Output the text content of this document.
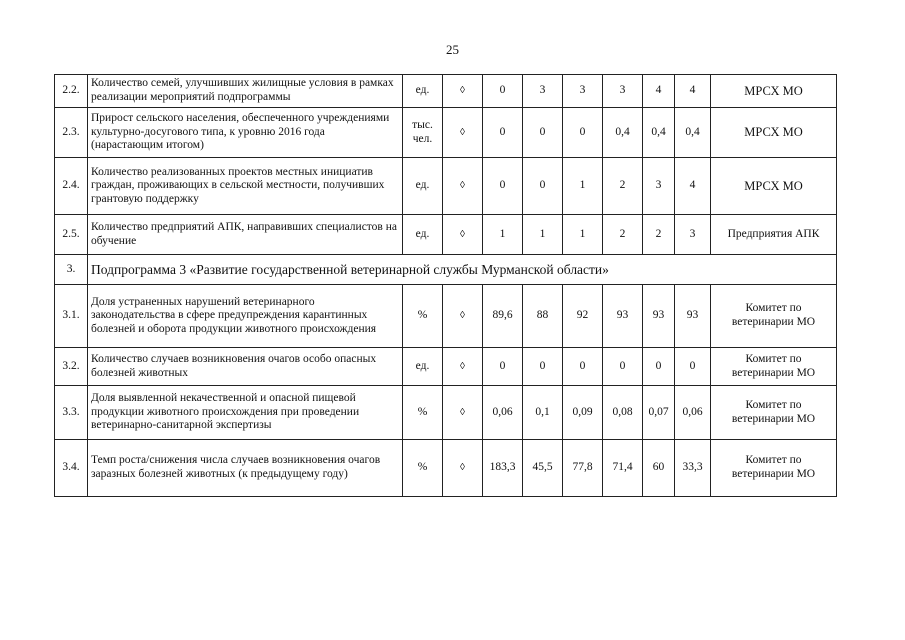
25
2.2.	Количество семей, улучшивших жилищные условия в рамках реализации мероприятий подпрограммы	ед.	◊	0	3	3	3	4	4	МРСХ МО
2.3.	Прирост сельского населения, обеспеченного учреждениями культурно-досугового типа, к уровню 2016 года (нарастающим итогом)	тыс. чел.	◊	0	0	0	0,4	0,4	0,4	МРСХ МО
2.4.	Количество реализованных проектов местных инициатив граждан, проживающих в сельской местности, получивших грантовую поддержку	ед.	◊	0	0	1	2	3	4	МРСХ МО
2.5.	Количество предприятий АПК, направивших специалистов на обучение	ед.	◊	1	1	1	2	2	3	Предприятия АПК
3.	Подпрограмма 3 «Развитие государственной ветеринарной службы Мурманской области»									
3.1.	Доля устраненных нарушений ветеринарного законодательства в сфере предупреждения карантинных болезней и оборота продукции животного происхождения	%	◊	89,6	88	92	93	93	93	Комитет по ветеринарии МО
3.2.	Количество случаев возникновения очагов особо опасных болезней животных	ед.	◊	0	0	0	0	0	0	Комитет по ветеринарии МО
3.3.	Доля выявленной некачественной и опасной пищевой продукции животного происхождения при проведении ветеринарно-санитарной экспертизы	%	◊	0,06	0,1	0,09	0,08	0,07	0,06	Комитет по ветеринарии МО
3.4.	Темп роста/снижения числа случаев возникновения очагов заразных болезней животных (к предыдущему году)	%	◊	183,3	45,5	77,8	71,4	60	33,3	Комитет по ветеринарии МО
